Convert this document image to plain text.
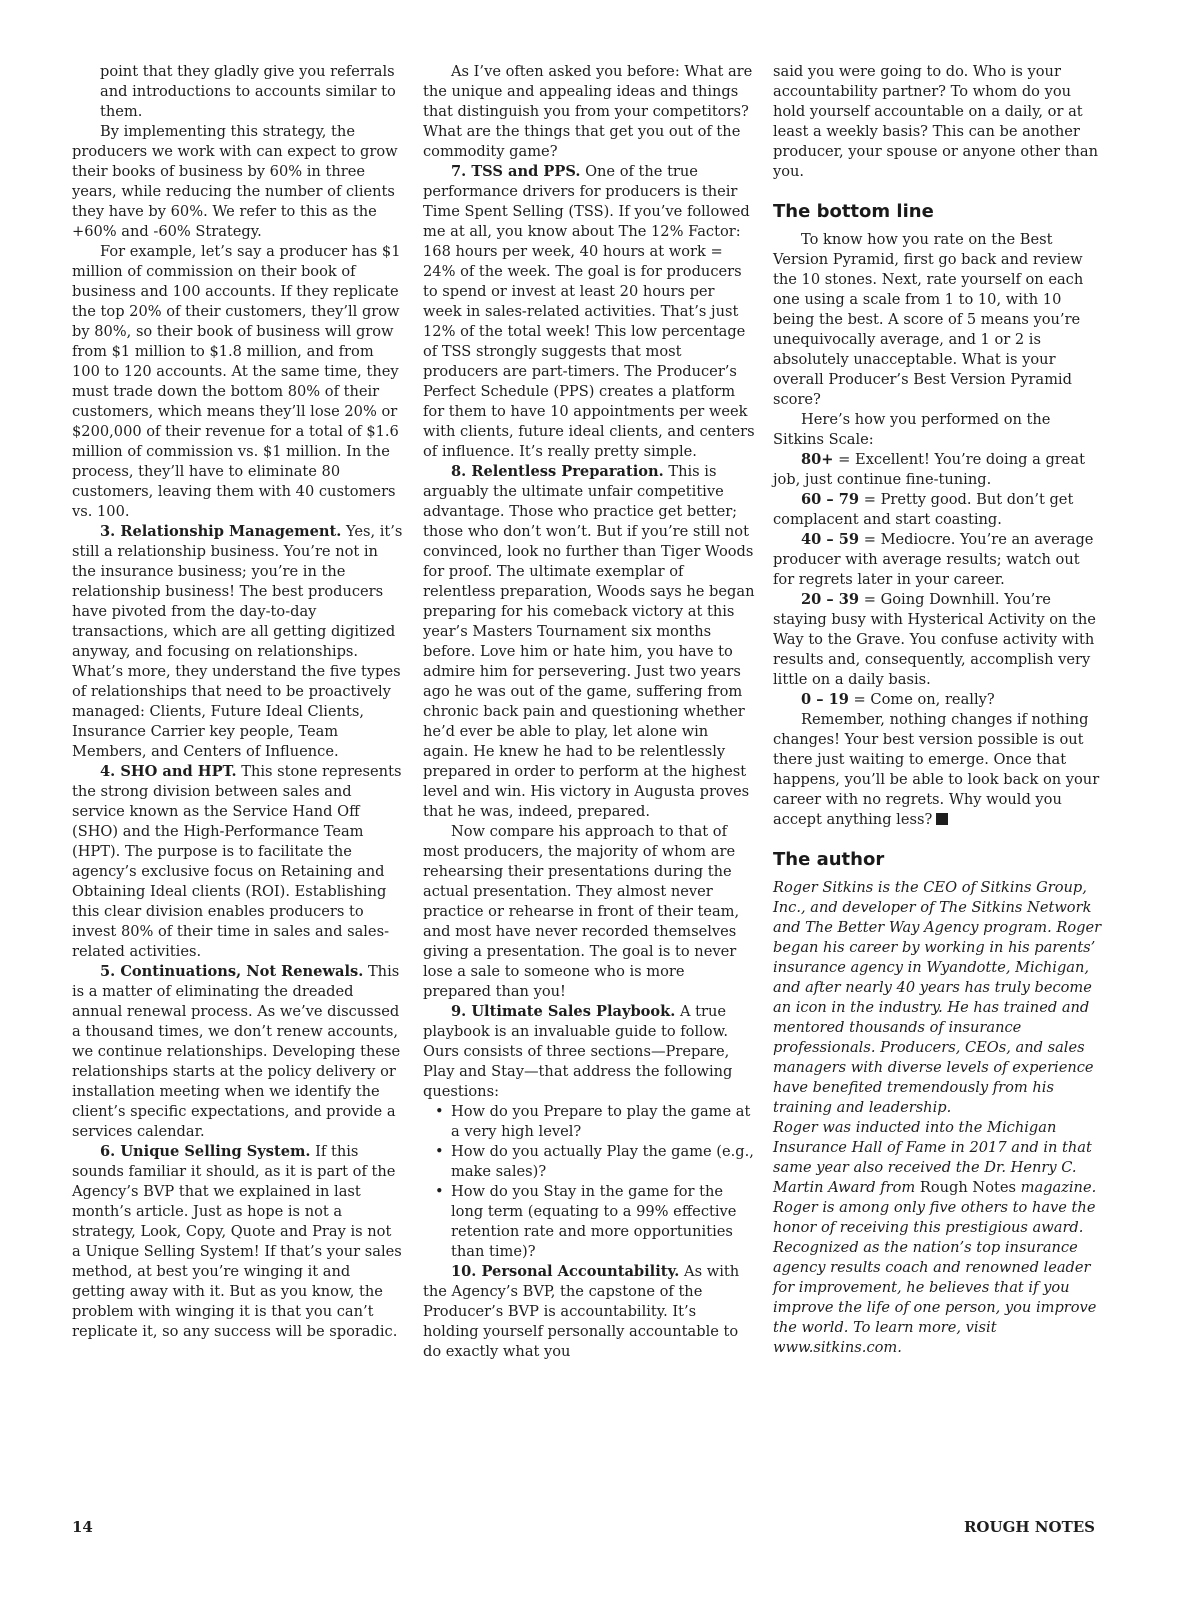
point that they gladly give you referrals and introductions to accounts similar to them.

By implementing this strategy, the producers we work with can expect to grow their books of business by 60% in three years, while reducing the number of clients they have by 60%. We refer to this as the +60% and -60% Strategy.

For example, let’s say a producer has $1 million of commission on their book of business and 100 accounts. If they replicate the top 20% of their customers, they’ll grow by 80%, so their book of business will grow from $1 million to $1.8 million, and from 100 to 120 accounts. At the same time, they must trade down the bottom 80% of their customers, which means they’ll lose 20% or $200,000 of their revenue for a total of $1.6 million of commission vs. $1 million. In the process, they’ll have to eliminate 80 customers, leaving them with 40 customers vs. 100.

3. Relationship Management. Yes, it’s still a relationship business. You’re not in the insurance business; you’re in the relationship business! The best producers have pivoted from the day-to-day transactions, which are all getting digitized anyway, and focusing on relationships. What’s more, they understand the five types of relationships that need to be proactively managed: Clients, Future Ideal Clients, Insurance Carrier key people, Team Members, and Centers of Influence.

4. SHO and HPT. This stone represents the strong division between sales and service known as the Service Hand Off (SHO) and the High-Performance Team (HPT). The purpose is to facilitate the agency’s exclusive focus on Retaining and Obtaining Ideal clients (ROI). Establishing this clear division enables producers to invest 80% of their time in sales and sales-related activities.

5. Continuations, Not Renewals. This is a matter of eliminating the dreaded annual renewal process. As we’ve discussed a thousand times, we don’t renew accounts, we continue relationships. Developing these relationships starts at the policy delivery or installation meeting when we identify the client’s specific expectations, and provide a services calendar.

6. Unique Selling System. If this sounds familiar it should, as it is part of the Agency’s BVP that we explained in last month’s article. Just as hope is not a strategy, Look, Copy, Quote and Pray is not a Unique Selling System! If that’s your sales method, at best you’re winging it and getting away with it. But as you know, the problem with winging it is that you can’t replicate it, so any success will be sporadic.

As I’ve often asked you before: What are the unique and appealing ideas and things that distinguish you from your competitors? What are the things that get you out of the commodity game?

7. TSS and PPS. One of the true performance drivers for producers is their Time Spent Selling (TSS). If you’ve followed me at all, you know about The 12% Factor: 168 hours per week, 40 hours at work = 24% of the week. The goal is for producers to spend or invest at least 20 hours per week in sales-related activities. That’s just 12% of the total week! This low percentage of TSS strongly suggests that most producers are part-timers. The Producer’s Perfect Schedule (PPS) creates a platform for them to have 10 appointments per week with clients, future ideal clients, and centers of influence. It’s really pretty simple.

8. Relentless Preparation. This is arguably the ultimate unfair competitive advantage. Those who practice get better; those who don’t won’t. But if you’re still not convinced, look no further than Tiger Woods for proof. The ultimate exemplar of relentless preparation, Woods says he began preparing for his comeback victory at this year’s Masters Tournament six months before. Love him or hate him, you have to admire him for persevering. Just two years ago he was out of the game, suffering from chronic back pain and questioning whether he’d ever be able to play, let alone win again. He knew he had to be relentlessly prepared in order to perform at the highest level and win. His victory in Augusta proves that he was, indeed, prepared.

Now compare his approach to that of most producers, the majority of whom are rehearsing their presentations during the actual presentation. They almost never practice or rehearse in front of their team, and most have never recorded themselves giving a presentation. The goal is to never lose a sale to someone who is more prepared than you!

9. Ultimate Sales Playbook. A true playbook is an invaluable guide to follow. Ours consists of three sections—Prepare, Play and Stay—that address the following questions:

• How do you Prepare to play the game at a very high level?
• How do you actually Play the game (e.g., make sales)?
• How do you Stay in the game for the long term (equating to a 99% effective retention rate and more opportunities than time)?

10. Personal Accountability. As with the Agency’s BVP, the capstone of the Producer’s BVP is accountability. It’s holding yourself personally accountable to do exactly what you

said you were going to do. Who is your accountability partner? To whom do you hold yourself accountable on a daily, or at least a weekly basis? This can be another producer, your spouse or anyone other than you.

The bottom line

To know how you rate on the Best Version Pyramid, first go back and review the 10 stones. Next, rate yourself on each one using a scale from 1 to 10, with 10 being the best. A score of 5 means you’re unequivocally average, and 1 or 2 is absolutely unacceptable. What is your overall Producer’s Best Version Pyramid score?

Here’s how you performed on the Sitkins Scale:

80+ = Excellent! You’re doing a great job, just continue fine-tuning.

60 – 79 = Pretty good. But don’t get complacent and start coasting.

40 – 59 = Mediocre. You’re an average producer with average results; watch out for regrets later in your career.

20 – 39 = Going Downhill. You’re staying busy with Hysterical Activity on the Way to the Grave. You confuse activity with results and, consequently, accomplish very little on a daily basis.

0 – 19 = Come on, really?

Remember, nothing changes if nothing changes! Your best version possible is out there just waiting to emerge. Once that happens, you’ll be able to look back on your career with no regrets. Why would you accept anything less?

The author

Roger Sitkins is the CEO of Sitkins Group, Inc., and developer of The Sitkins Network and The Better Way Agency program. Roger began his career by working in his parents’ insurance agency in Wyandotte, Michigan, and after nearly 40 years has truly become an icon in the industry. He has trained and mentored thousands of insurance professionals. Producers, CEOs, and sales managers with diverse levels of experience have benefited tremendously from his training and leadership.

Roger was inducted into the Michigan Insurance Hall of Fame in 2017 and in that same year also received the Dr. Henry C. Martin Award from Rough Notes magazine. Roger is among only five others to have the honor of receiving this prestigious award.

Recognized as the nation’s top insurance agency results coach and renowned leader for improvement, he believes that if you improve the life of one person, you improve the world. To learn more, visit www.sitkins.com.

14	ROUGH NOTES
